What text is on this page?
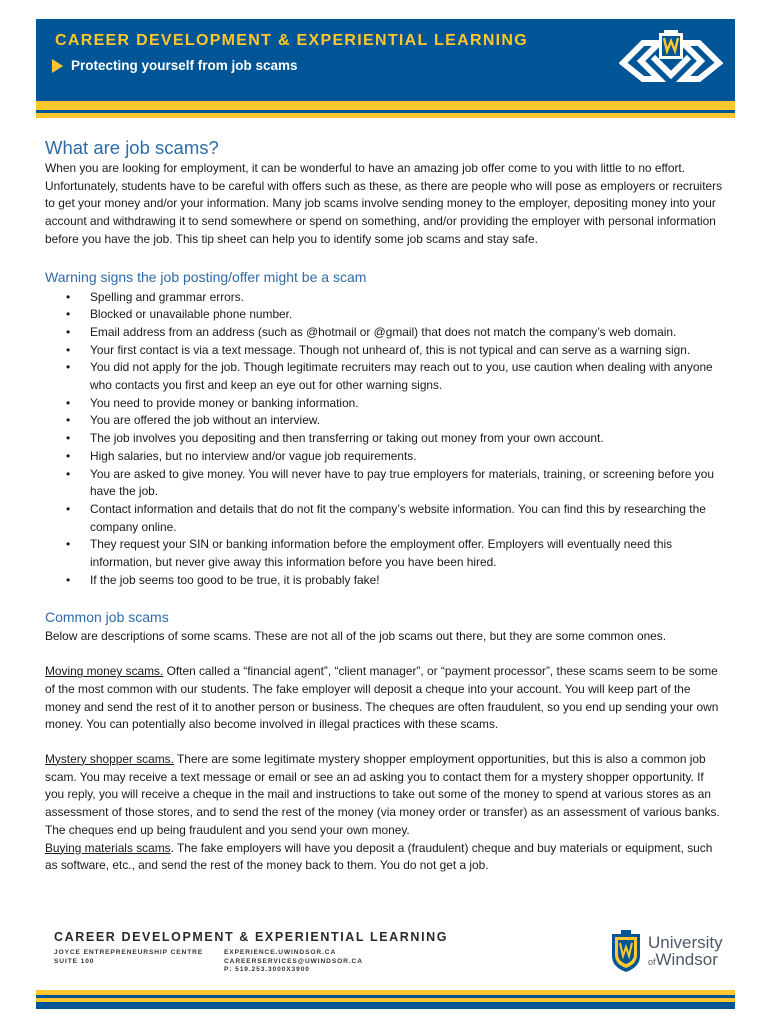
CAREER DEVELOPMENT & EXPERIENTIAL LEARNING
Protecting yourself from job scams
What are job scams?

When you are looking for employment, it can be wonderful to have an amazing job offer come to you with little to no effort. Unfortunately, students have to be careful with offers such as these, as there are people who will pose as employers or recruiters to get your money and/or your information. Many job scams involve sending money to the employer, depositing money into your account and withdrawing it to send somewhere or spend on something, and/or providing the employer with personal information before you have the job. This tip sheet can help you to identify some job scams and stay safe.

Warning signs the job posting/offer might be a scam
• Spelling and grammar errors.
• Blocked or unavailable phone number.
• Email address from an address (such as @hotmail or @gmail) that does not match the company’s web domain.
• Your first contact is via a text message. Though not unheard of, this is not typical and can serve as a warning sign.
• You did not apply for the job. Though legitimate recruiters may reach out to you, use caution when dealing with anyone who contacts you first and keep an eye out for other warning signs.
• You need to provide money or banking information.
• You are offered the job without an interview.
• The job involves you depositing and then transferring or taking out money from your own account.
• High salaries, but no interview and/or vague job requirements.
• You are asked to give money. You will never have to pay true employers for materials, training, or screening before you have the job.
• Contact information and details that do not fit the company’s website information. You can find this by researching the company online.
• They request your SIN or banking information before the employment offer. Employers will eventually need this information, but never give away this information before you have been hired.
• If the job seems too good to be true, it is probably fake!
Common job scams

Below are descriptions of some scams. These are not all of the job scams out there, but they are some common ones.

Moving money scams. Often called a “financial agent”, “client manager”, or “payment processor”, these scams seem to be some of the most common with our students. The fake employer will deposit a cheque into your account. You will keep part of the money and send the rest of it to another person or business. The cheques are often fraudulent, so you end up sending your own money. You can potentially also become involved in illegal practices with these scams.

Mystery shopper scams. There are some legitimate mystery shopper employment opportunities, but this is also a common job scam. You may receive a text message or email or see an ad asking you to contact them for a mystery shopper opportunity. If you reply, you will receive a cheque in the mail and instructions to take out some of the money to spend at various stores as an assessment of those stores, and to send the rest of the money (via money order or transfer) as an assessment of various banks. The cheques end up being fraudulent and you send your own money.

Buying materials scams. The fake employers will have you deposit a (fraudulent) cheque and buy materials or equipment, such as software, etc., and send the rest of the money back to them. You do not get a job.

CAREER DEVELOPMENT & EXPERIENTIAL LEARNING
JOYCE ENTREPRENEURSHIP CENTRE
SUITE 100
EXPERIENCE.UWINDSOR.CA
CAREERSERVICES@UWINDSOR.CA
P: 519.253.3000X3900
University
ofWindsor
